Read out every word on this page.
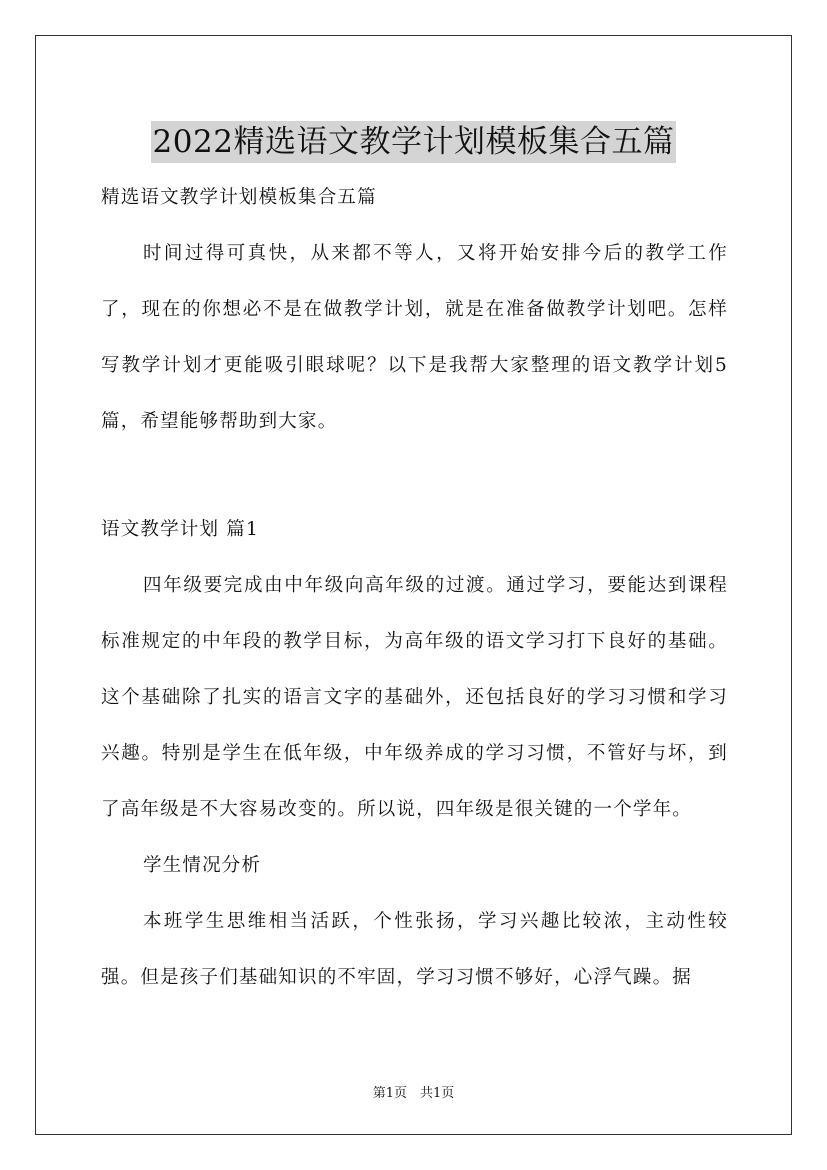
2022精选语文教学计划模板集合五篇

精选语文教学计划模板集合五篇

时间过得可真快，从来都不等人，又将开始安排今后的教学工作了，现在的你想必不是在做教学计划，就是在准备做教学计划吧。怎样写教学计划才更能吸引眼球呢？以下是我帮大家整理的语文教学计划5篇，希望能够帮助到大家。

语文教学计划 篇1

四年级要完成由中年级向高年级的过渡。通过学习，要能达到课程标准规定的中年段的教学目标，为高年级的语文学习打下良好的基础。这个基础除了扎实的语言文字的基础外，还包括良好的学习习惯和学习兴趣。特别是学生在低年级，中年级养成的学习习惯，不管好与坏，到了高年级是不大容易改变的。所以说，四年级是很关键的一个学年。

学生情况分析

本班学生思维相当活跃，个性张扬，学习兴趣比较浓，主动性较强。但是孩子们基础知识的不牢固，学习习惯不够好，心浮气躁。据

第1页　共1页
